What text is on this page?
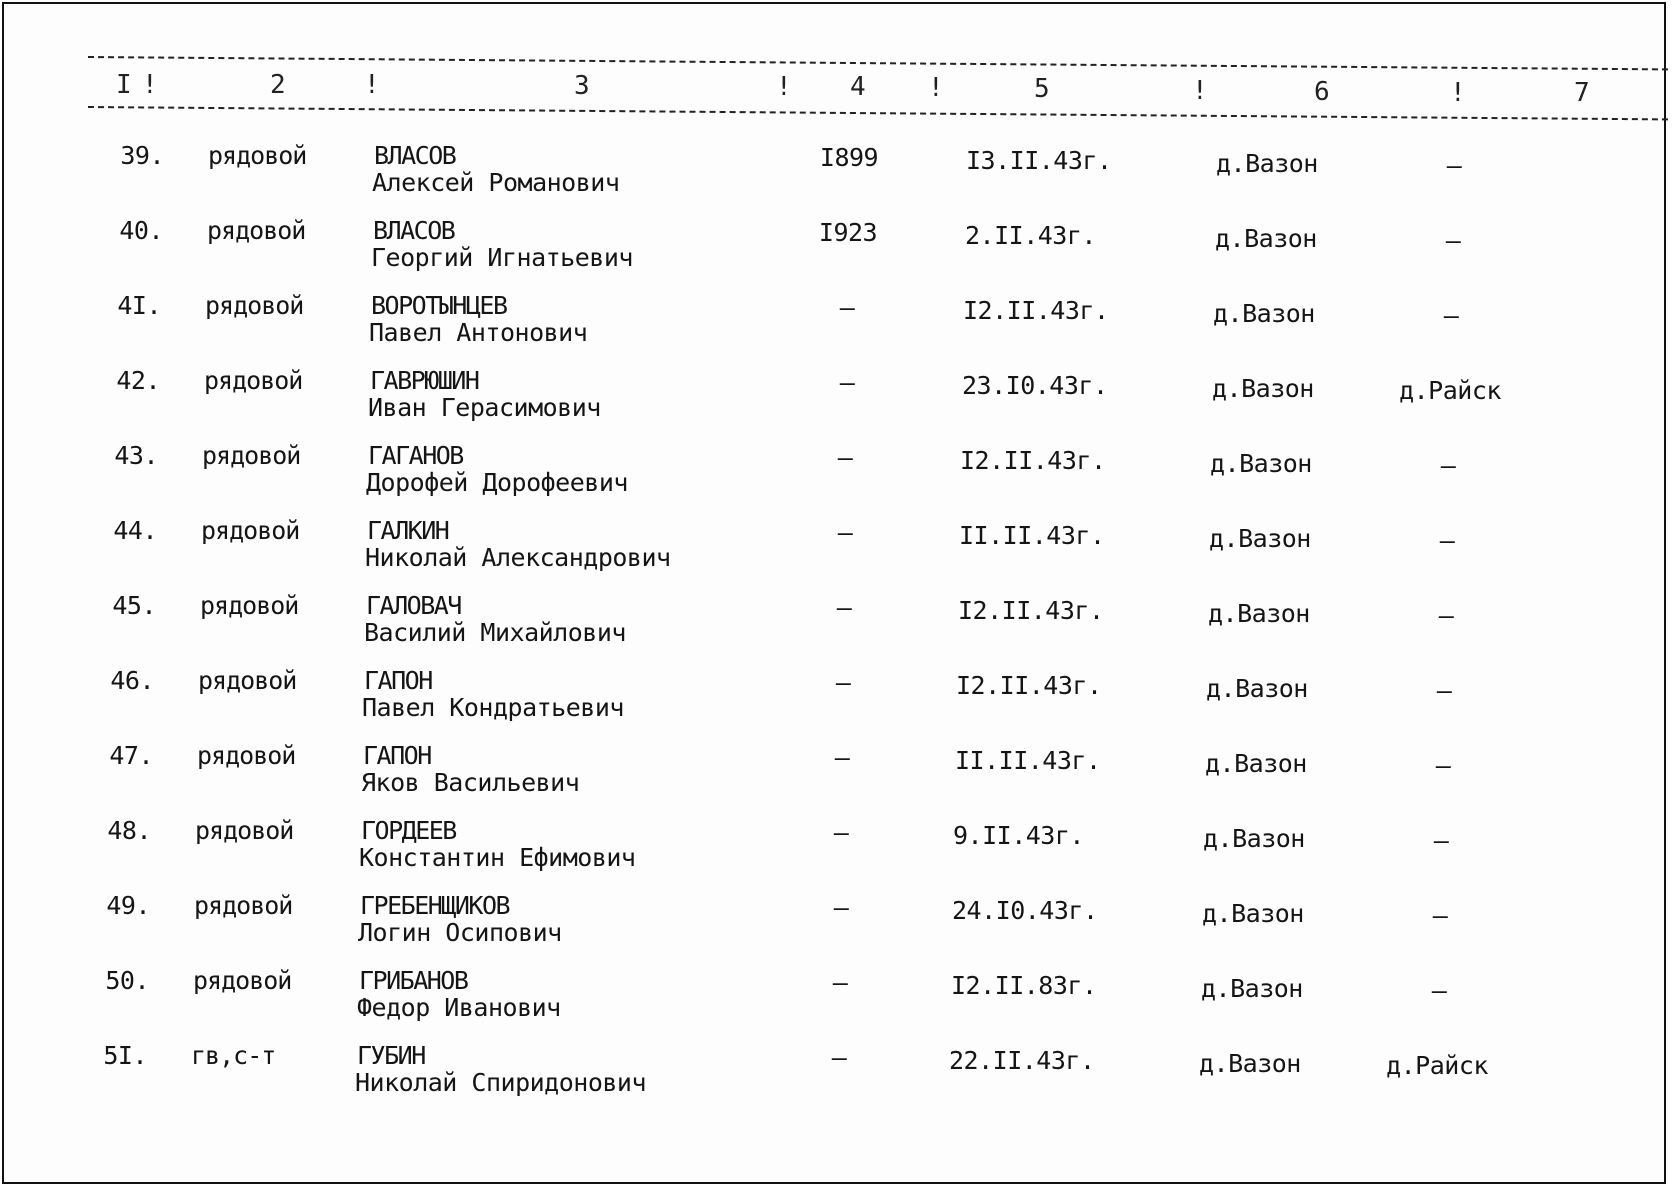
I !	2	!	3	! 4 !	5	!	6	!	7
39. рядовой	ВЛАСОВ
Алексей Романович
I899	I3.II.43г.	д.Вазон	–
40. рядовой	ВЛАСОВ
Георгий Игнатьевич
I923	2.II.43г.	д.Вазон	–
4I. рядовой	ВОРОТЫНЦЕВ
Павел Антонович
–	I2.II.43г.	д.Вазон	–
42. рядовой	ГАВРЮШИН
Иван Герасимович
–	23.I0.43г.	д.Вазон	д.Райск
43. рядовой	ГАГАНОВ
Дорофей Дорофеевич
–	I2.II.43г.	д.Вазон	–
44. рядовой	ГАЛКИН
Николай Александрович
–	II.II.43г.	д.Вазон	–
45. рядовой	ГАЛОВАЧ
Василий Михайлович
–	I2.II.43г.	д.Вазон	–
46. рядовой	ГАПОН
Павел Кондратьевич
–	I2.II.43г.	д.Вазон	–
47. рядовой	ГАПОН
Яков Васильевич
–	II.II.43г.	д.Вазон	–
48. рядовой	ГОРДЕЕВ
Константин Ефимович
–	9.II.43г.	д.Вазон	–
49. рядовой	ГРЕБЕНЩИКОВ
Логин Осипович
–	24.I0.43г.	д.Вазон	–
50. рядовой	ГРИБАНОВ
Федор Иванович
–	I2.II.83г.	д.Вазон	–
5I. гв,с-т	ГУБИН
Николай Спиридонович
–	22.II.43г.	д.Вазон	д.Райск
